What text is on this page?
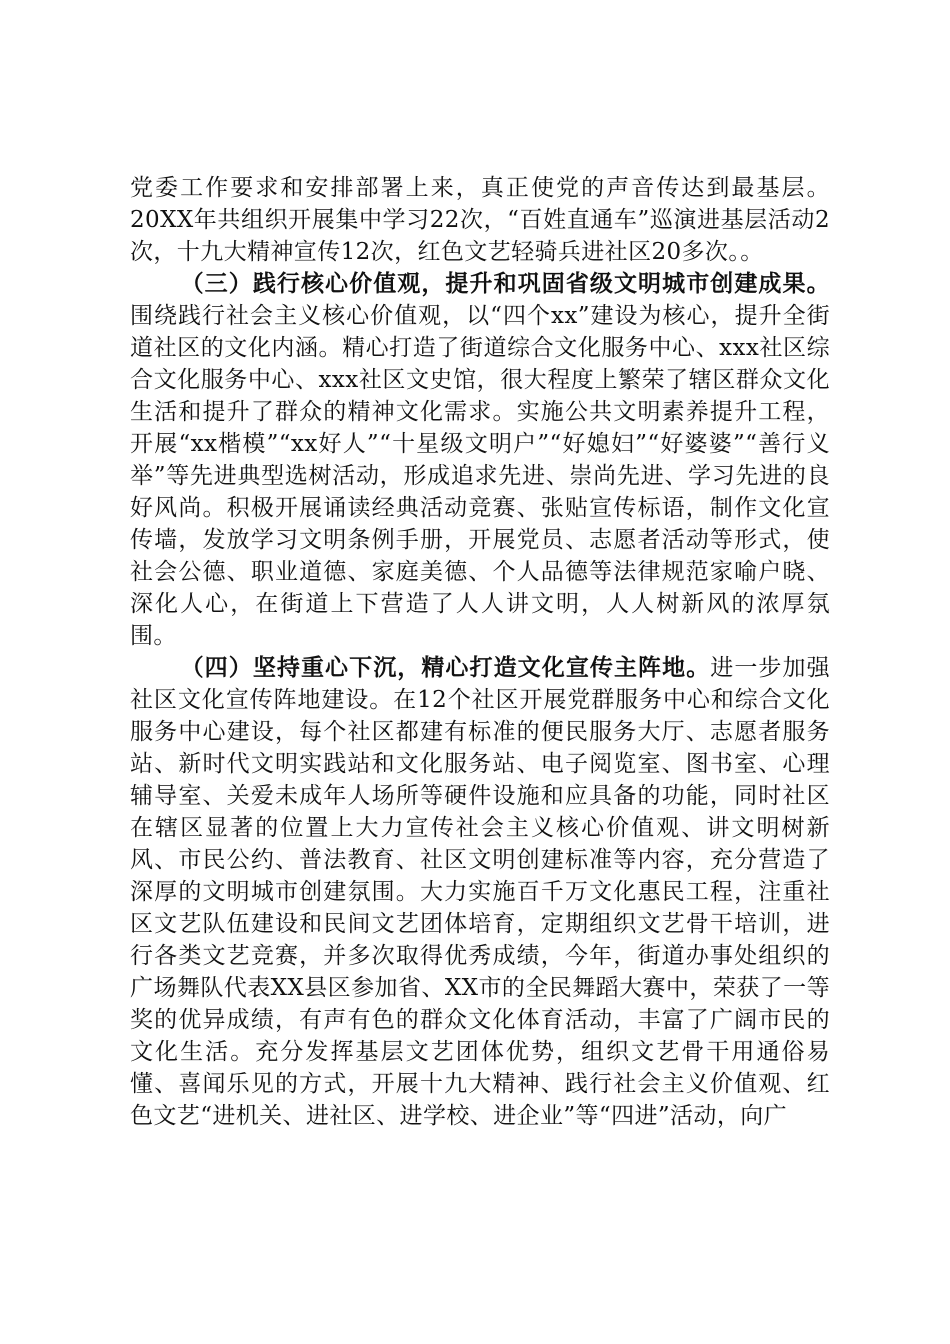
党委工作要求和安排部署上来，真正使党的声音传达到最基层。20XX年共组织开展集中学习22次，“百姓直通车”巡演进基层活动2次，十九大精神宣传12次，红色文艺轻骑兵进社区20多次。。

（三）践行核心价值观，提升和巩固省级文明城市创建成果。围绕践行社会主义核心价值观，以“四个xx”建设为核心，提升全街道社区的文化内涵。精心打造了街道综合文化服务中心、xxx社区综合文化服务中心、xxx社区文史馆，很大程度上繁荣了辖区群众文化生活和提升了群众的精神文化需求。实施公共文明素养提升工程，开展“xx楷模”“xx好人”“十星级文明户”“好媳妇”“好婆婆”“善行义举”等先进典型选树活动，形成追求先进、崇尚先进、学习先进的良好风尚。积极开展诵读经典活动竞赛、张贴宣传标语，制作文化宣传墙，发放学习文明条例手册，开展党员、志愿者活动等形式，使社会公德、职业道德、家庭美德、个人品德等法律规范家喻户晓、深化人心，在街道上下营造了人人讲文明，人人树新风的浓厚氛围。

（四）坚持重心下沉，精心打造文化宣传主阵地。进一步加强社区文化宣传阵地建设。在12个社区开展党群服务中心和综合文化服务中心建设，每个社区都建有标准的便民服务大厅、志愿者服务站、新时代文明实践站和文化服务站、电子阅览室、图书室、心理辅导室、关爱未成年人场所等硬件设施和应具备的功能，同时社区在辖区显著的位置上大力宣传社会主义核心价值观、讲文明树新风、市民公约、普法教育、社区文明创建标准等内容，充分营造了深厚的文明城市创建氛围。大力实施百千万文化惠民工程，注重社区文艺队伍建设和民间文艺团体培育，定期组织文艺骨干培训，进行各类文艺竞赛，并多次取得优秀成绩，今年，街道办事处组织的广场舞队代表XX县区参加省、XX市的全民舞蹈大赛中，荣获了一等奖的优异成绩，有声有色的群众文化体育活动，丰富了广阔市民的文化生活。充分发挥基层文艺团体优势，组织文艺骨干用通俗易懂、喜闻乐见的方式，开展十九大精神、践行社会主义价值观、红色文艺“进机关、进社区、进学校、进企业”等“四进”活动，向广
